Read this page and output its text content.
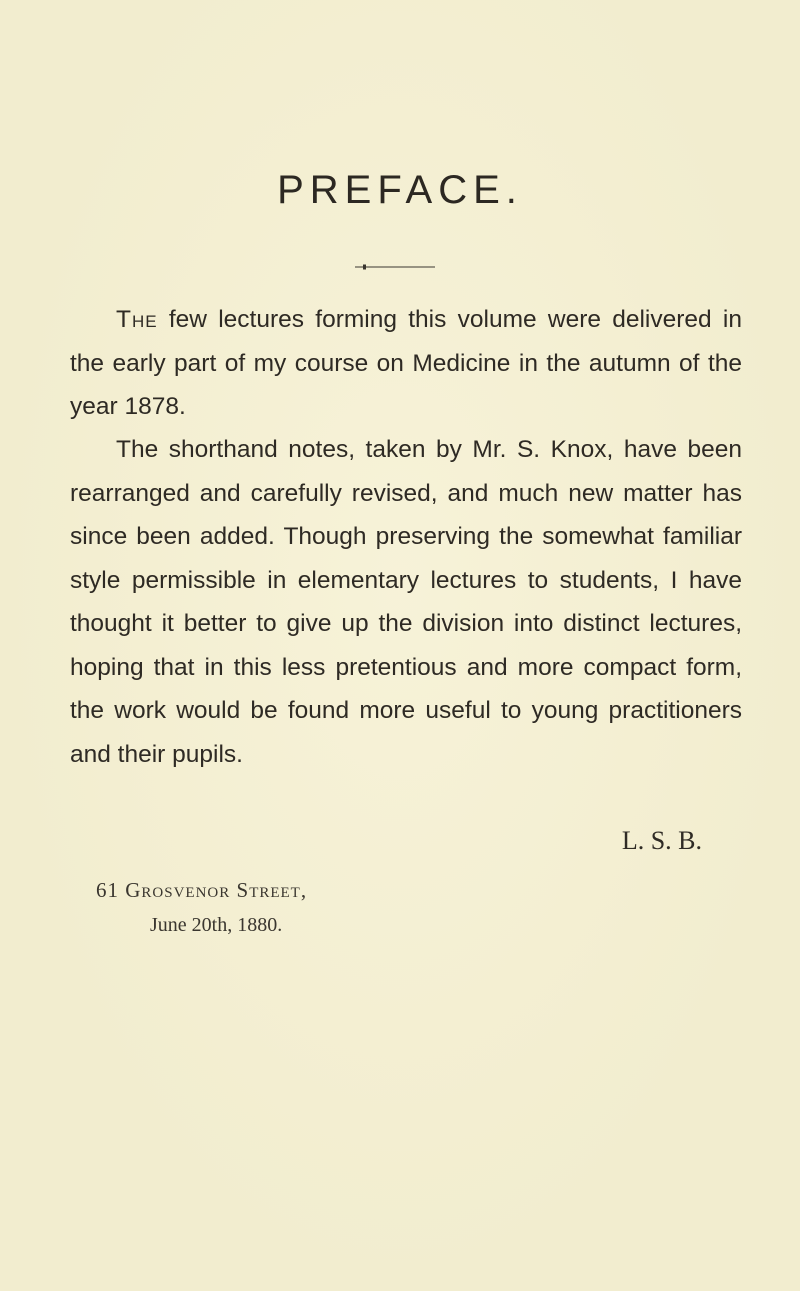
PREFACE.

The few lectures forming this volume were delivered in the early part of my course on Medicine in the autumn of the year 1878.

The shorthand notes, taken by Mr. S. Knox, have been rearranged and carefully revised, and much new matter has since been added. Though preserving the somewhat familiar style permissible in elementary lectures to students, I have thought it better to give up the division into distinct lectures, hoping that in this less pretentious and more compact form, the work would be found more useful to young practitioners and their pupils.

L. S. B.

61 Grosvenor Street,

June 20th, 1880.
